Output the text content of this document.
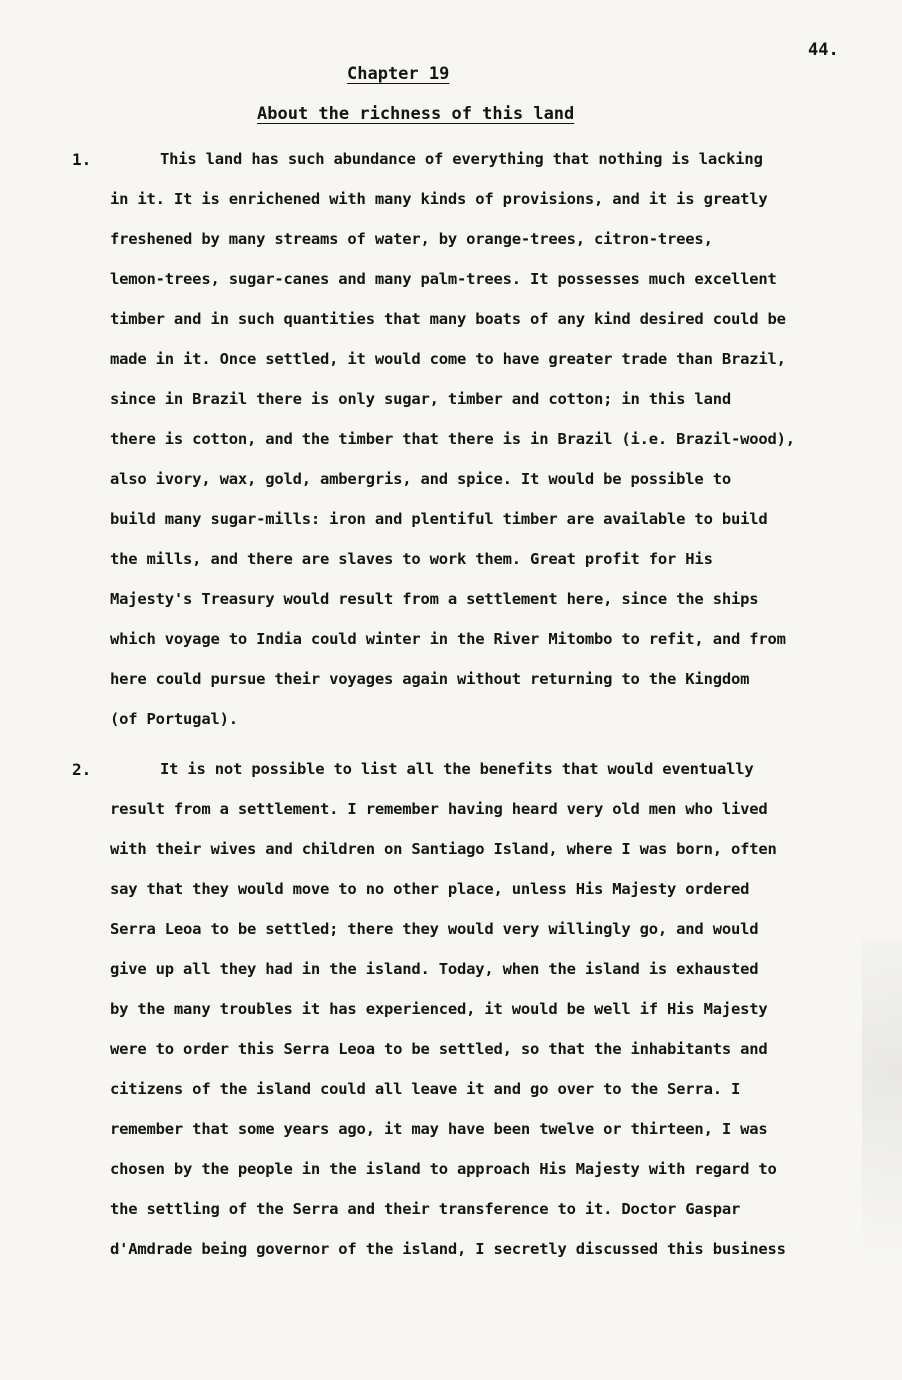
44.
Chapter 19
About the richness of this land
1.	This land has such abundance of everything that nothing is lacking
in it. It is enrichened with many kinds of provisions, and it is greatly
freshened by many streams of water, by orange-trees, citron-trees,
lemon-trees, sugar-canes and many palm-trees. It possesses much excellent
timber and in such quantities that many boats of any kind desired could be
made in it. Once settled, it would come to have greater trade than Brazil,
since in Brazil there is only sugar, timber and cotton; in this land
there is cotton, and the timber that there is in Brazil (i.e. Brazil-wood),
also ivory, wax, gold, ambergris, and spice. It would be possible to
build many sugar-mills: iron and plentiful timber are available to build
the mills, and there are slaves to work them. Great profit for His
Majesty's Treasury would result from a settlement here, since the ships
which voyage to India could winter in the River Mitombo to refit, and from
here could pursue their voyages again without returning to the Kingdom
(of Portugal).
2.	It is not possible to list all the benefits that would eventually
result from a settlement. I remember having heard very old men who lived
with their wives and children on Santiago Island, where I was born, often
say that they would move to no other place, unless His Majesty ordered
Serra Leoa to be settled; there they would very willingly go, and would
give up all they had in the island. Today, when the island is exhausted
by the many troubles it has experienced, it would be well if His Majesty
were to order this Serra Leoa to be settled, so that the inhabitants and
citizens of the island could all leave it and go over to the Serra. I
remember that some years ago, it may have been twelve or thirteen, I was
chosen by the people in the island to approach His Majesty with regard to
the settling of the Serra and their transference to it. Doctor Gaspar
d'Amdrade being governor of the island, I secretly discussed this business
